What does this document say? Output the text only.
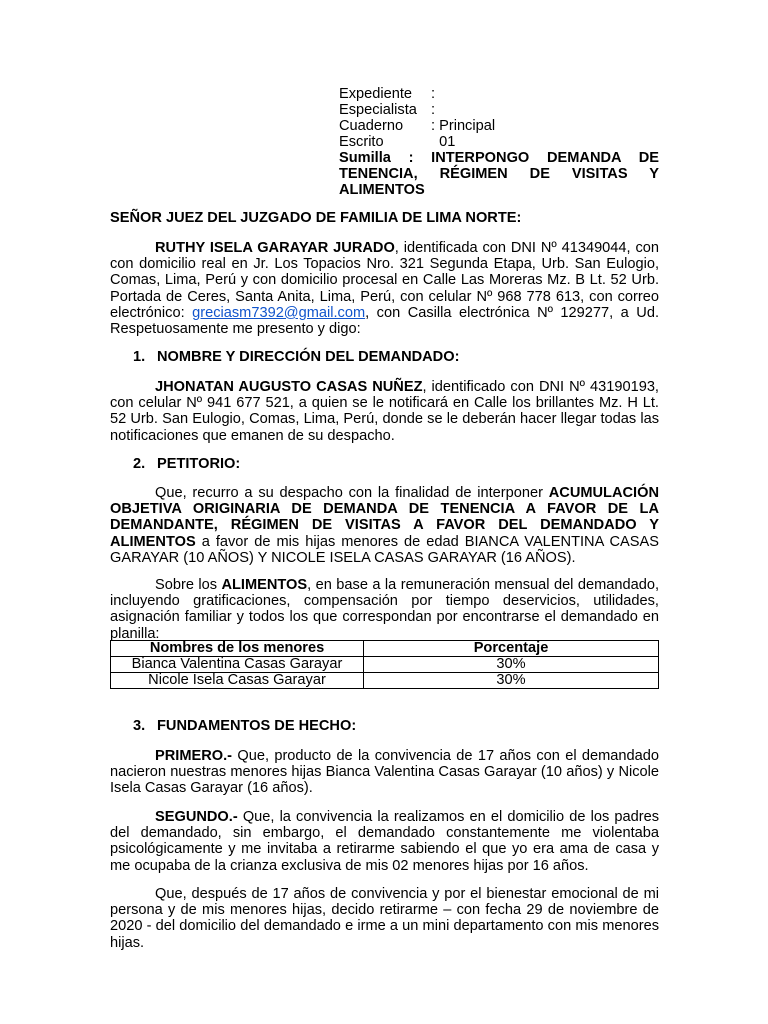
Expediente	:
Especialista :
Cuaderno	: Principal
Escrito	01
Sumilla : INTERPONGO DEMANDA DE TENENCIA, RÉGIMEN DE VISITAS Y ALIMENTOS
SEÑOR JUEZ DEL JUZGADO DE FAMILIA DE LIMA NORTE:
RUTHY ISELA GARAYAR JURADO, identificada con DNI Nº 41349044, con con domicilio real en Jr. Los Topacios Nro. 321 Segunda Etapa, Urb. San Eulogio, Comas, Lima, Perú y con domicilio procesal en Calle Las Moreras Mz. B Lt. 52 Urb. Portada de Ceres, Santa Anita, Lima, Perú, con celular Nº 968 778 613, con correo electrónico: greciasm7392@gmail.com, con Casilla electrónica Nº 129277, a Ud. Respetuosamente me presento y digo:
1. NOMBRE Y DIRECCIÓN DEL DEMANDADO:
JHONATAN AUGUSTO CASAS NUÑEZ, identificado con DNI Nº 43190193, con celular Nº 941 677 521, a quien se le notificará en Calle los brillantes Mz. H Lt. 52 Urb. San Eulogio, Comas, Lima, Perú, donde se le deberán hacer llegar todas las notificaciones que emanen de su despacho.
2. PETITORIO:
Que, recurro a su despacho con la finalidad de interponer ACUMULACIÓN OBJETIVA ORIGINARIA DE DEMANDA DE TENENCIA A FAVOR DE LA DEMANDANTE, RÉGIMEN DE VISITAS A FAVOR DEL DEMANDADO Y ALIMENTOS a favor de mis hijas menores de edad BIANCA VALENTINA CASAS GARAYAR (10 AÑOS) Y NICOLE ISELA CASAS GARAYAR (16 AÑOS).
Sobre los ALIMENTOS, en base a la remuneración mensual del demandado, incluyendo gratificaciones, compensación por tiempo deservicios, utilidades, asignación familiar y todos los que correspondan por encontrarse el demandado en planilla:
Nombres de los menores	Porcentaje
Bianca Valentina Casas Garayar	30%
Nicole Isela Casas Garayar	30%
3. FUNDAMENTOS DE HECHO:
PRIMERO.- Que, producto de la convivencia de 17 años con el demandado nacieron nuestras menores hijas Bianca Valentina Casas Garayar (10 años) y Nicole Isela Casas Garayar (16 años).
SEGUNDO.- Que, la convivencia la realizamos en el domicilio de los padres del demandado, sin embargo, el demandado constantemente me violentaba psicológicamente y me invitaba a retirarme sabiendo el que yo era ama de casa y me ocupaba de la crianza exclusiva de mis 02 menores hijas por 16 años.
Que, después de 17 años de convivencia y por el bienestar emocional de mi persona y de mis menores hijas, decido retirarme – con fecha 29 de noviembre de 2020 - del domicilio del demandado e irme a un mini departamento con mis menores hijas.
